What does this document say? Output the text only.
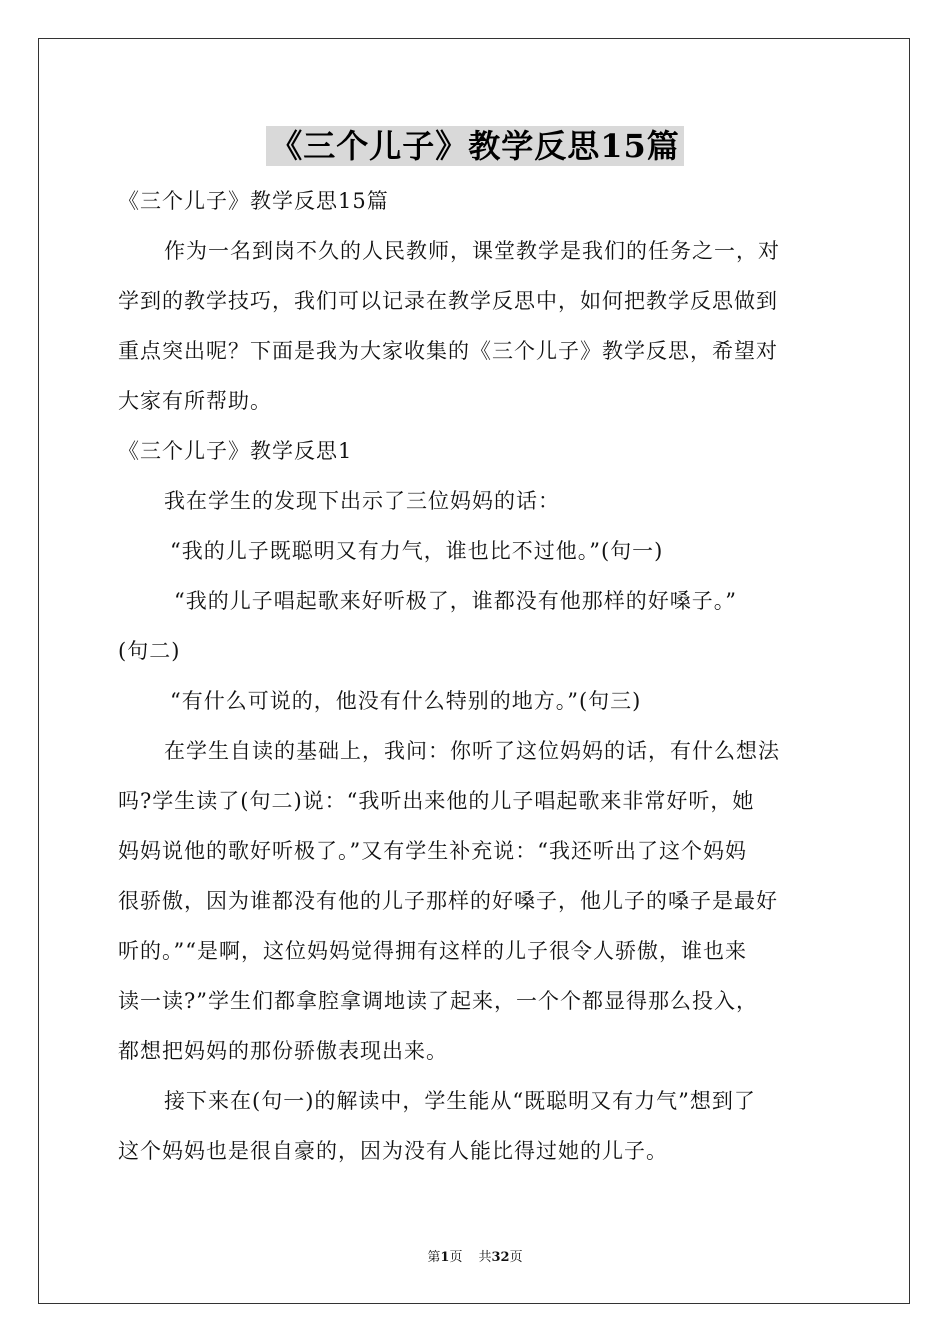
《三个儿子》教学反思15篇
《三个儿子》教学反思15篇
作为一名到岗不久的人民教师，课堂教学是我们的任务之一，对
学到的教学技巧，我们可以记录在教学反思中，如何把教学反思做到
重点突出呢？下面是我为大家收集的《三个儿子》教学反思，希望对
大家有所帮助。
《三个儿子》教学反思1
我在学生的发现下出示了三位妈妈的话：
“我的儿子既聪明又有力气，谁也比不过他。”(句一)
“我的儿子唱起歌来好听极了，谁都没有他那样的好嗓子。”
(句二)
“有什么可说的，他没有什么特别的地方。”(句三)
在学生自读的基础上，我问：你听了这位妈妈的话，有什么想法
吗?学生读了(句二)说：“我听出来他的儿子唱起歌来非常好听，她
妈妈说他的歌好听极了。”又有学生补充说：“我还听出了这个妈妈
很骄傲，因为谁都没有他的儿子那样的好嗓子，他儿子的嗓子是最好
听的。”“是啊，这位妈妈觉得拥有这样的儿子很令人骄傲，谁也来
读一读?”学生们都拿腔拿调地读了起来，一个个都显得那么投入，
都想把妈妈的那份骄傲表现出来。
接下来在(句一)的解读中，学生能从“既聪明又有力气”想到了
这个妈妈也是很自豪的，因为没有人能比得过她的儿子。
第1页 共32页
